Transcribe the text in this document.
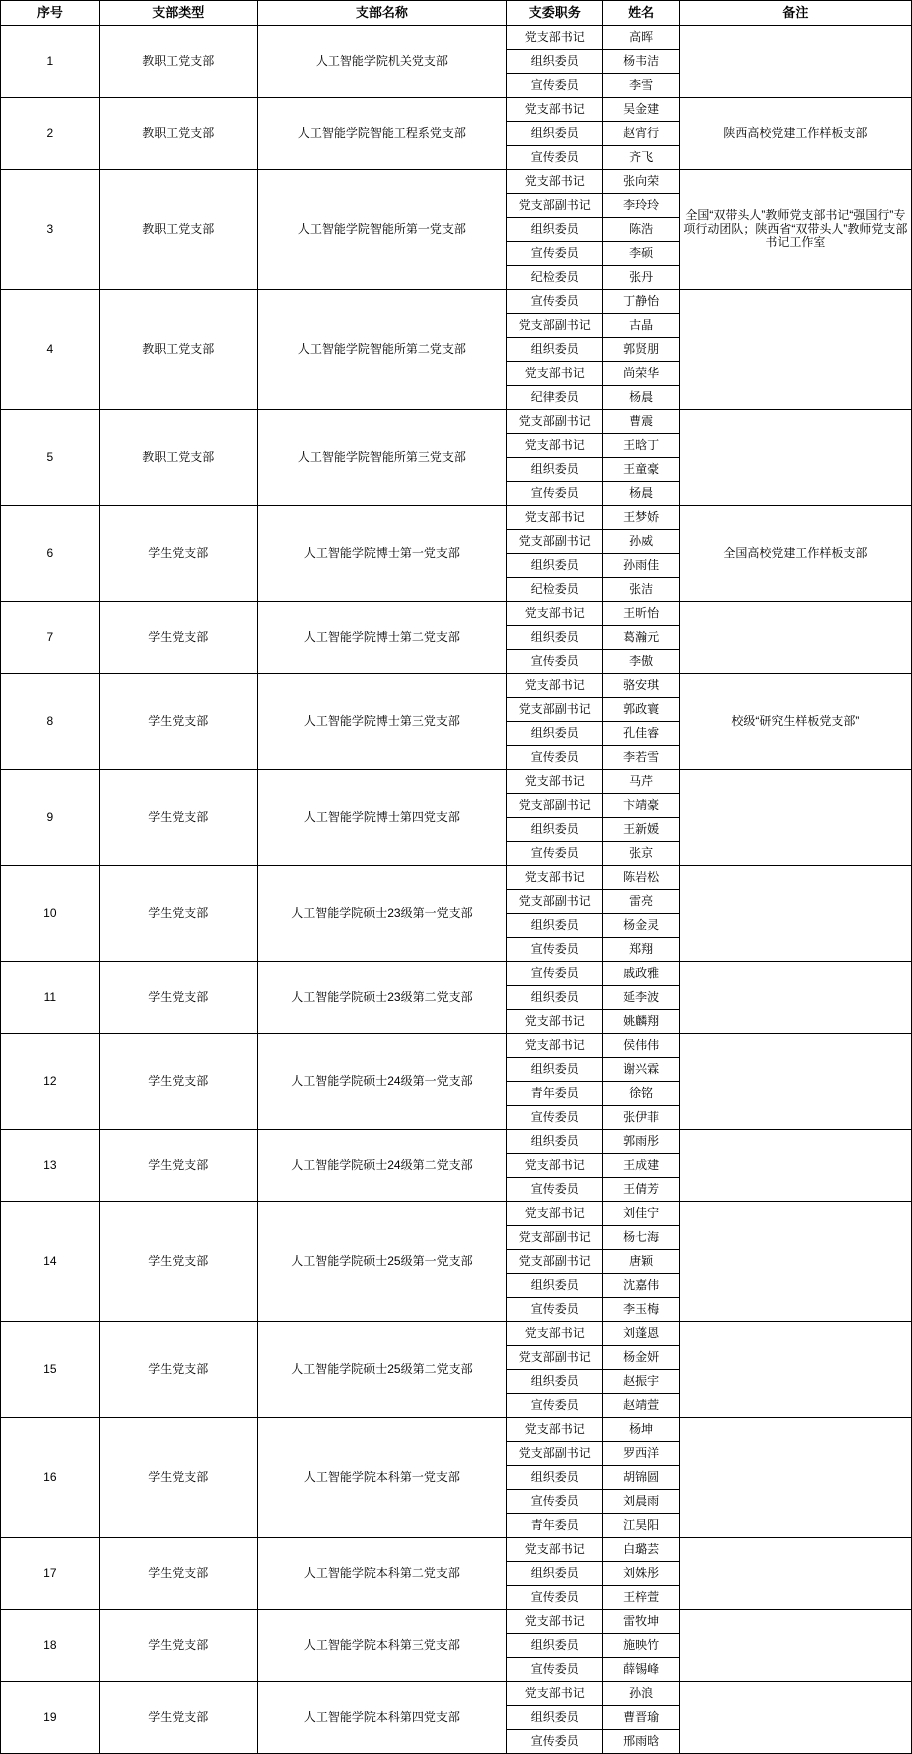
序号	支部类型	支部名称	支委职务	姓名	备注
1	教职工党支部	人工智能学院机关党支部	党支部书记	高晖	
			组织委员	杨韦洁	
			宣传委员	李雪	
2	教职工党支部	人工智能学院智能工程系党支部	党支部书记	吴金建	陕西高校党建工作样板支部
			组织委员	赵宵行	
			宣传委员	齐飞	
3	教职工党支部	人工智能学院智能所第一党支部	党支部书记	张向荣	全国“双带头人”教师党支部书记“强国行”专项行动团队；陕西省“双带头人”教师党支部书记工作室
			党支部副书记	李玲玲	
			组织委员	陈浩	
			宣传委员	李硕	
			纪检委员	张丹	
4	教职工党支部	人工智能学院智能所第二党支部	宣传委员	丁静怡	
			党支部副书记	古晶	
			组织委员	郭贤朋	
			党支部书记	尚荣华	
			纪律委员	杨晨	
5	教职工党支部	人工智能学院智能所第三党支部	党支部副书记	曹震	
			党支部书记	王晗丁	
			组织委员	王童豪	
			宣传委员	杨晨	
6	学生党支部	人工智能学院博士第一党支部	党支部书记	王梦娇	全国高校党建工作样板支部
			党支部副书记	孙威	
			组织委员	孙雨佳	
			纪检委员	张洁	
7	学生党支部	人工智能学院博士第二党支部	党支部书记	王昕怡	
			组织委员	葛瀚元	
			宣传委员	李傲	
8	学生党支部	人工智能学院博士第三党支部	党支部书记	骆安琪	校级“研究生样板党支部”
			党支部副书记	郭政寰	
			组织委员	孔佳睿	
			宣传委员	李若雪	
9	学生党支部	人工智能学院博士第四党支部	党支部书记	马芹	
			党支部副书记	卞靖豪	
			组织委员	王新媛	
			宣传委员	张京	
10	学生党支部	人工智能学院硕士23级第一党支部	党支部书记	陈岩松	
			党支部副书记	雷亮	
			组织委员	杨金灵	
			宣传委员	郑翔	
11	学生党支部	人工智能学院硕士23级第二党支部	宣传委员	戚政雅	
			组织委员	延李波	
			党支部书记	姚麟翔	
12	学生党支部	人工智能学院硕士24级第一党支部	党支部书记	侯伟伟	
			组织委员	谢兴霖	
			青年委员	徐铭	
			宣传委员	张伊菲	
13	学生党支部	人工智能学院硕士24级第二党支部	组织委员	郭雨彤	
			党支部书记	王成建	
			宣传委员	王倩芳	
14	学生党支部	人工智能学院硕士25级第一党支部	党支部书记	刘佳宁	
			党支部副书记	杨七海	
			党支部副书记	唐颖	
			组织委员	沈嘉伟	
			宣传委员	李玉梅	
15	学生党支部	人工智能学院硕士25级第二党支部	党支部书记	刘蓬恩	
			党支部副书记	杨金妍	
			组织委员	赵振宇	
			宣传委员	赵靖萱	
16	学生党支部	人工智能学院本科第一党支部	党支部书记	杨坤	
			党支部副书记	罗西洋	
			组织委员	胡锦圆	
			宣传委员	刘晨雨	
			青年委员	江昊阳	
17	学生党支部	人工智能学院本科第二党支部	党支部书记	白璐芸	
			组织委员	刘姝彤	
			宣传委员	王梓萱	
18	学生党支部	人工智能学院本科第三党支部	党支部书记	雷牧坤	
			组织委员	施映竹	
			宣传委员	薛锡峰	
19	学生党支部	人工智能学院本科第四党支部	党支部书记	孙浪	
			组织委员	曹晋瑜	
			宣传委员	邢雨晗	
